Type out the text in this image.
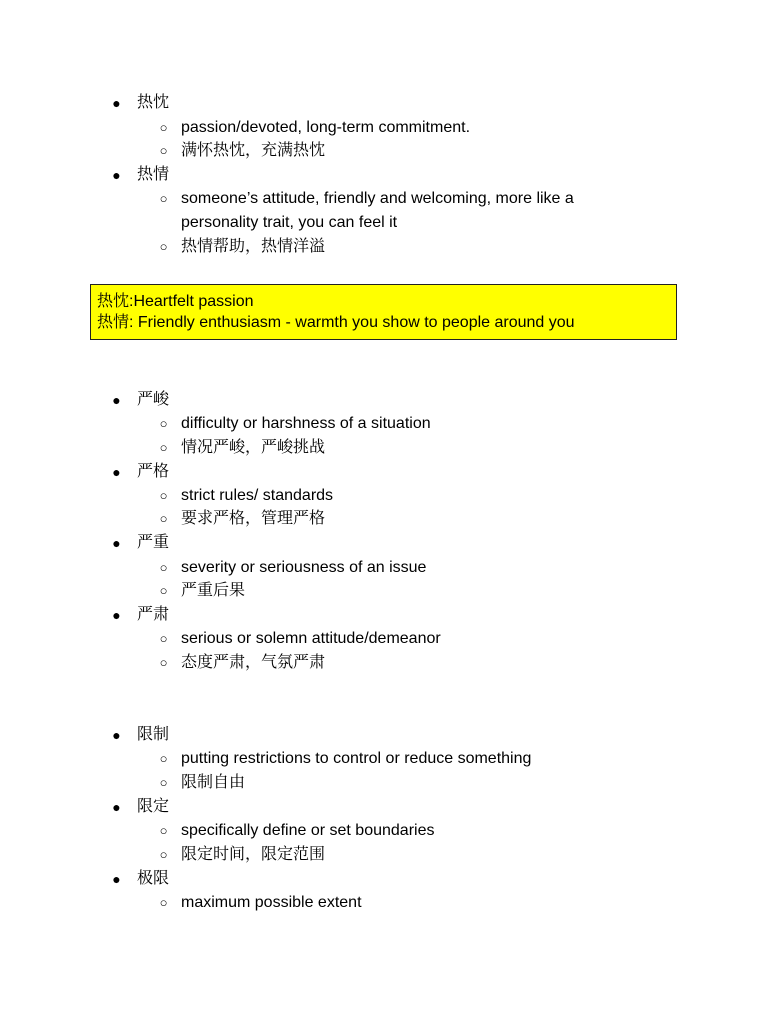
● 热忱
○ passion/devoted, long-term commitment.
○ 满怀热忱，充满热忱
● 热情
○ someone’s attitude, friendly and welcoming, more like a
personality trait, you can feel it
○ 热情帮助，热情洋溢
热忱:Heartfelt passion
热情: Friendly enthusiasm - warmth you show to people around you
● 严峻
○ difficulty or harshness of a situation
○ 情况严峻，严峻挑战
● 严格
○ strict rules/ standards
○ 要求严格，管理严格
● 严重
○ severity or seriousness of an issue
○ 严重后果
● 严肃
○ serious or solemn attitude/demeanor
○ 态度严肃，气氛严肃
● 限制
○ putting restrictions to control or reduce something
○ 限制自由
● 限定
○ specifically define or set boundaries
○ 限定时间，限定范围
● 极限
○ maximum possible extent
